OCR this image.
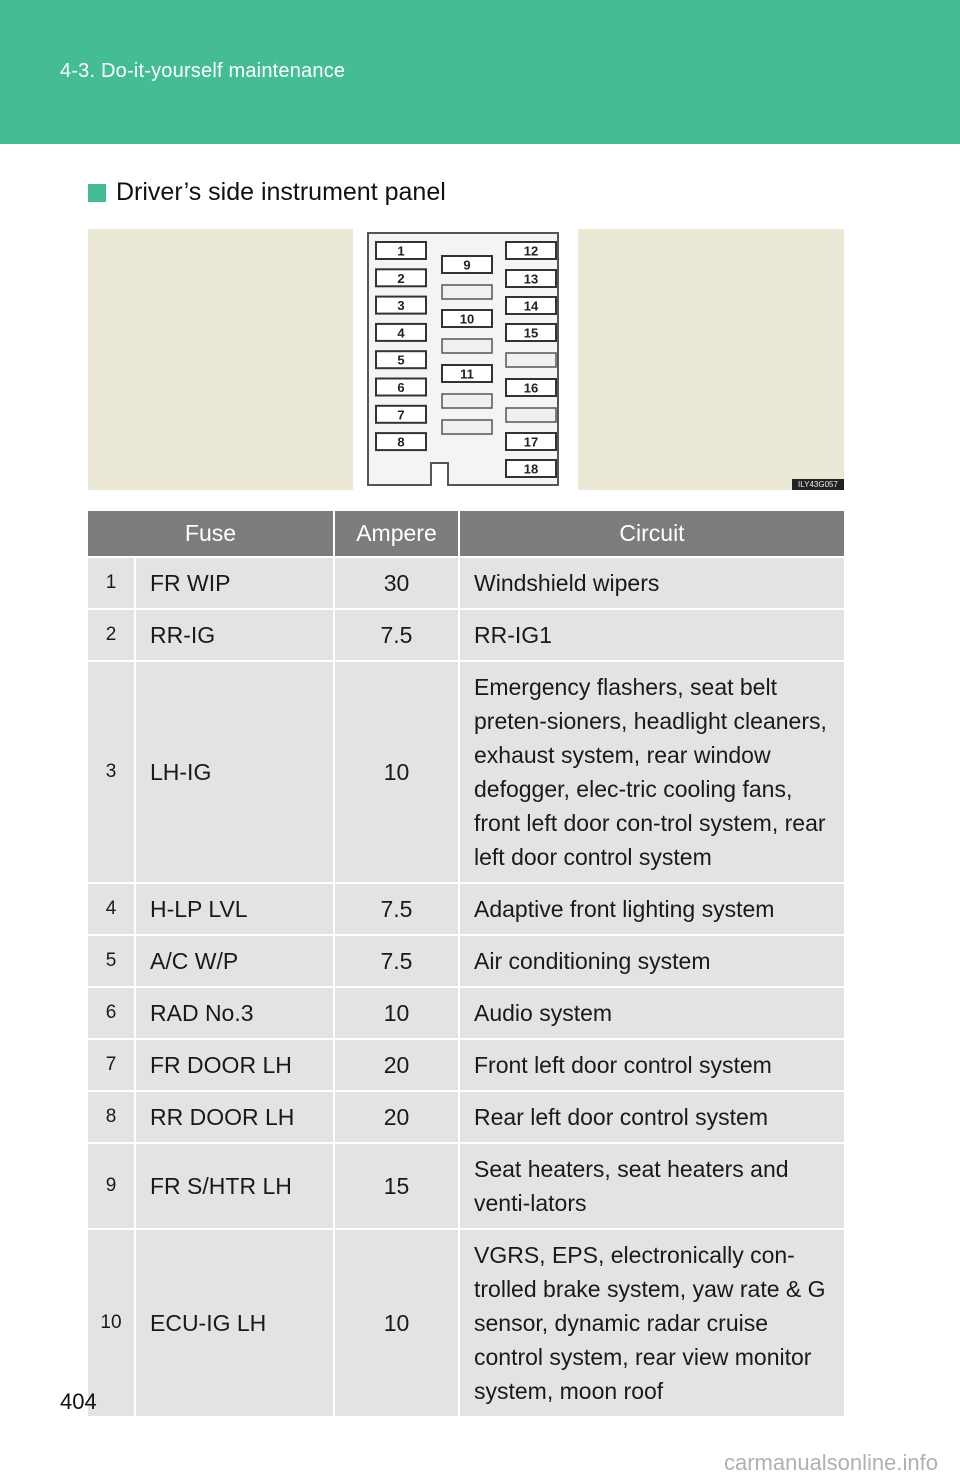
4-3. Do-it-yourself maintenance
Driver’s side instrument panel
1
2
3
4
5
6
7
8
9
10
11
12
13
14
15
16
17
18
ILY43G057
Fuse		Ampere	Circuit
1	FR WIP	30	Windshield wipers
2	RR-IG	7.5	RR-IG1
3	LH-IG	10	Emergency flashers, seat belt preten-sioners, headlight cleaners, exhaust system, rear window defogger, elec-tric cooling fans, front left door con-trol system, rear left door control system
4	H-LP LVL	7.5	Adaptive front lighting system
5	A/C W/P	7.5	Air conditioning system
6	RAD No.3	10	Audio system
7	FR DOOR LH	20	Front left door control system
8	RR DOOR LH	20	Rear left door control system
9	FR S/HTR LH	15	Seat heaters, seat heaters and venti-lators
10	ECU-IG LH	10	VGRS, EPS, electronically con-trolled brake system, yaw rate & G sensor, dynamic radar cruise control system, rear view monitor system, moon roof
404
carmanualsonline.info
